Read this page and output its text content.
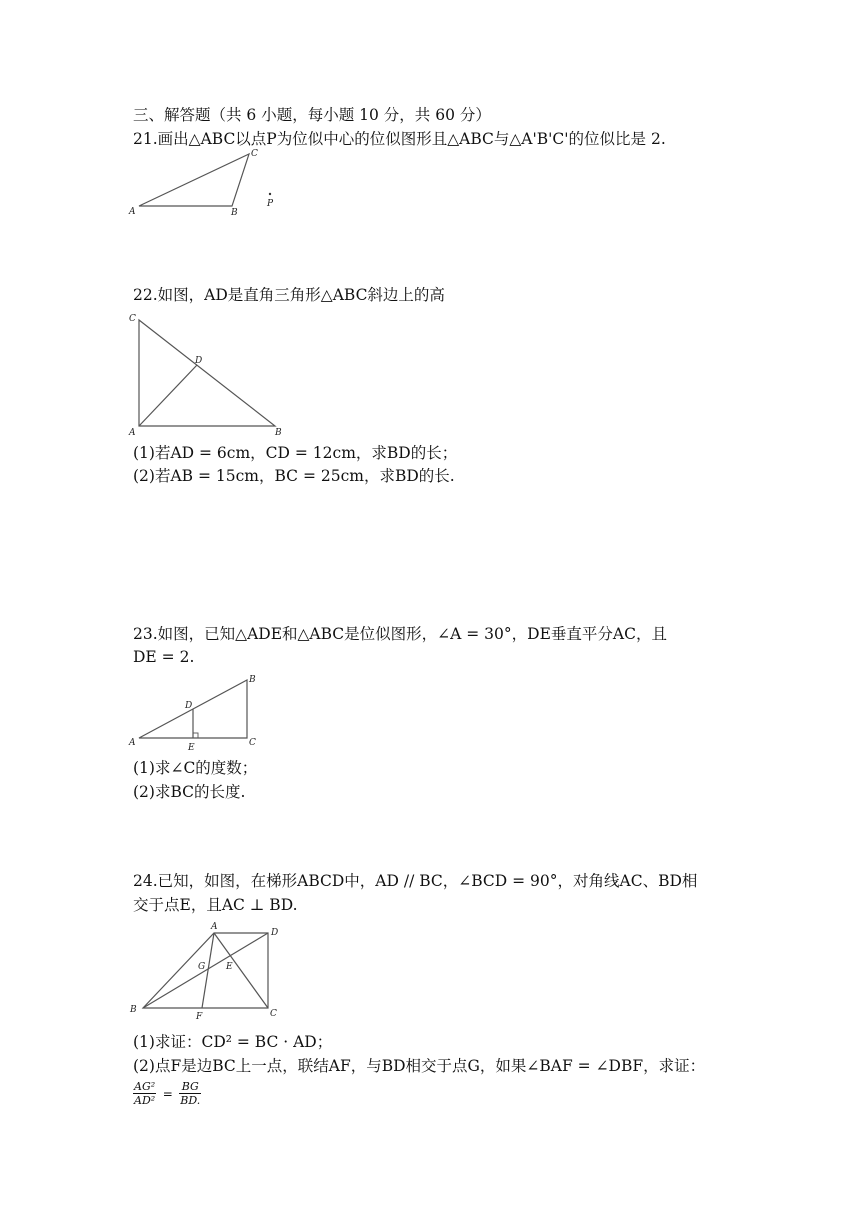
三、解答题（共 6 小题，每小题 10 分，共 60 分）
21.画出△ABC以点P为位似中心的位似图形且△ABC与△A'B'C'的位似比是 2.
A	B
C
P
22.如图，AD是直角三角形△ABC斜边上的高
C
D
A	B
(1)若AD = 6cm，CD = 12cm，求BD的长；
(2)若AB = 15cm，BC = 25cm，求BD的长.
23.如图，已知△ADE和△ABC是位似图形，∠A = 30°，DE垂直平分AC，且
DE = 2.
A
D
E	C
B
(1)求∠C的度数；
(2)求BC的长度.
24.已知，如图，在梯形ABCD中，AD // BC，∠BCD = 90°，对角线AC、BD相
交于点E，且AC ⊥ BD.
A
D
G E
B
F	C
(1)求证：CD² = BC · AD；
(2)点F是边BC上一点，联结AF，与BD相交于点G，如果∠BAF = ∠DBF，求证：
$\frac{\text{AG²}}{\text{AD²}} = \frac{BG}{BD.}$
